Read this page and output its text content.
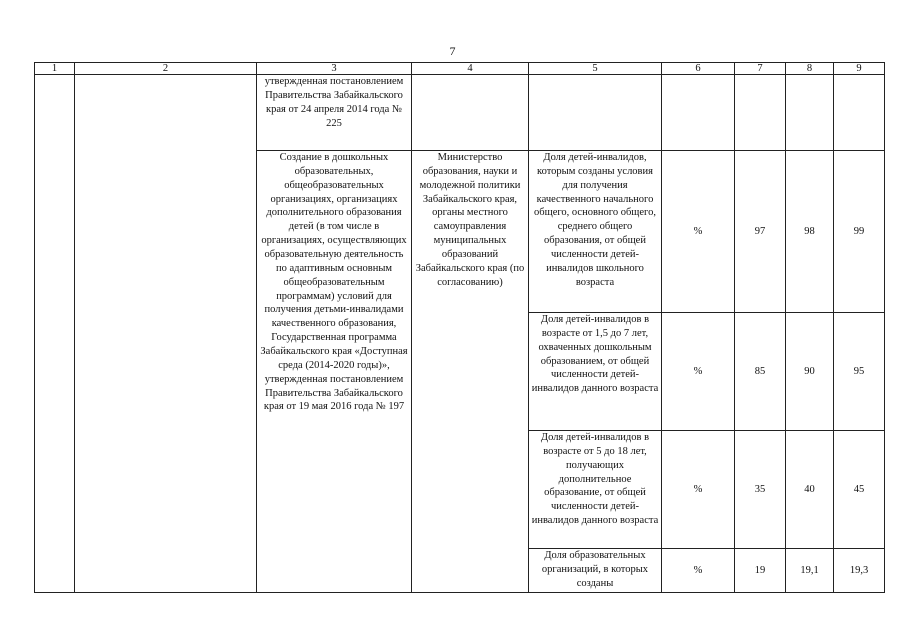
7
1	2	3	4	5	6	7	8	9
		утвержденная постановлением Правительства Забайкальского края от 24 апреля 2014 года № 225						
		Создание в дошкольных образовательных, общеобразовательных организациях, организациях дополнительного образования детей (в том числе в организациях, осуществляющих образовательную деятельность по адаптивным основным общеобразовательным программам) условий для получения детьми-инвалидами качественного образования, Государственная программа Забайкальского края «Доступная среда (2014-2020 годы)», утвержденная постановлением Правительства Забайкальского края от 19 мая 2016 года № 197	Министерство образования, науки и молодежной политики Забайкальского края, органы местного самоуправления муниципальных образований Забайкальского края (по согласованию)	Доля детей-инвалидов, которым созданы условия для получения качественного начального общего, основного общего, среднего общего образования, от общей численности детей-инвалидов школьного возраста	%	97	98	99
				Доля детей-инвалидов в возрасте от 1,5 до 7 лет, охваченных дошкольным образованием, от общей численности детей-инвалидов данного возраста	%	85	90	95
				Доля детей-инвалидов в возрасте от 5 до 18 лет, получающих дополнительное образование, от общей численности детей-инвалидов данного возраста	%	35	40	45
				Доля образовательных организаций, в которых созданы	%	19	19,1	19,3
